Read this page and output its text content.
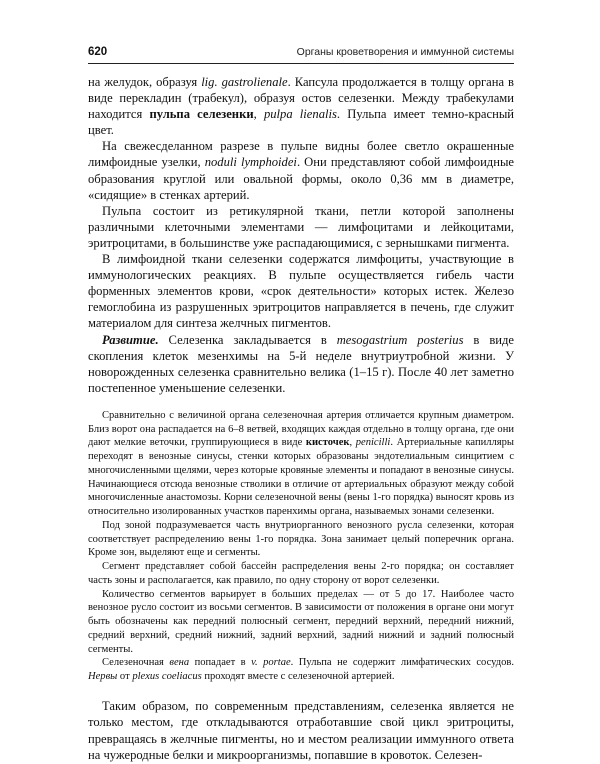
620	Органы кроветворения и иммунной системы

на желудок, образуя lig. gastrolienale. Капсула продолжается в толщу органа в виде перекладин (трабекул), образуя остов селезенки. Между трабекулами находится пульпа селезенки, pulpa lienalis. Пульпа имеет темно-красный цвет.

На свежесделанном разрезе в пульпе видны более светло окрашенные лимфоидные узелки, noduli lymphoidei. Они представляют собой лимфоидные образования круглой или овальной формы, около 0,36 мм в диаметре, «сидящие» в стенках артерий.

Пульпа состоит из ретикулярной ткани, петли которой заполнены различными клеточными элементами — лимфоцитами и лейкоцитами, эритроцитами, в большинстве уже распадающимися, с зернышками пигмента.

В лимфоидной ткани селезенки содержатся лимфоциты, участвующие в иммунологических реакциях. В пульпе осуществляется гибель части форменных элементов крови, «срок деятельности» которых истек. Железо гемоглобина из разрушенных эритроцитов направляется в печень, где служит материалом для синтеза желчных пигментов.

Развитие. Селезенка закладывается в mesogastrium posterius в виде скопления клеток мезенхимы на 5-й неделе внутриутробной жизни. У новорожденных селезенка сравнительно велика (1–15 г). После 40 лет заметно постепенное уменьшение селезенки.

Сравнительно с величиной органа селезеночная артерия отличается крупным диаметром. Близ ворот она распадается на 6–8 ветвей, входящих каждая отдельно в толщу органа, где они дают мелкие веточки, группирующиеся в виде кисточек, penicilli. Артериальные капилляры переходят в венозные синусы, стенки которых образованы эндотелиальным синцитием с многочисленными щелями, через которые кровяные элементы и попадают в венозные синусы. Начинающиеся отсюда венозные стволики в отличие от артериальных образуют между собой многочисленные анастомозы. Корни селезеночной вены (вены 1-го порядка) выносят кровь из относительно изолированных участков паренхимы органа, называемых зонами селезенки.

Под зоной подразумевается часть внутриорганного венозного русла селезенки, которая соответствует распределению вены 1-го порядка. Зона занимает целый поперечник органа. Кроме зон, выделяют еще и сегменты.

Сегмент представляет собой бассейн распределения вены 2-го порядка; он составляет часть зоны и располагается, как правило, по одну сторону от ворот селезенки.

Количество сегментов варьирует в больших пределах — от 5 до 17. Наиболее часто венозное русло состоит из восьми сегментов. В зависимости от положения в органе они могут быть обозначены как передний полюсный сегмент, передний верхний, передний нижний, средний верхний, средний нижний, задний верхний, задний нижний и задний полюсный сегменты.

Селезеночная вена попадает в v. portae. Пульпа не содержит лимфатических сосудов. Нервы от plexus coeliacus проходят вместе с селезеночной артерией.

Таким образом, по современным представлениям, селезенка является не только местом, где откладываются отработавшие свой цикл эритроциты, превращаясь в желчные пигменты, но и местом реализации иммунного ответа на чужеродные белки и микроорганизмы, попавшие в кровоток. Селезен-
